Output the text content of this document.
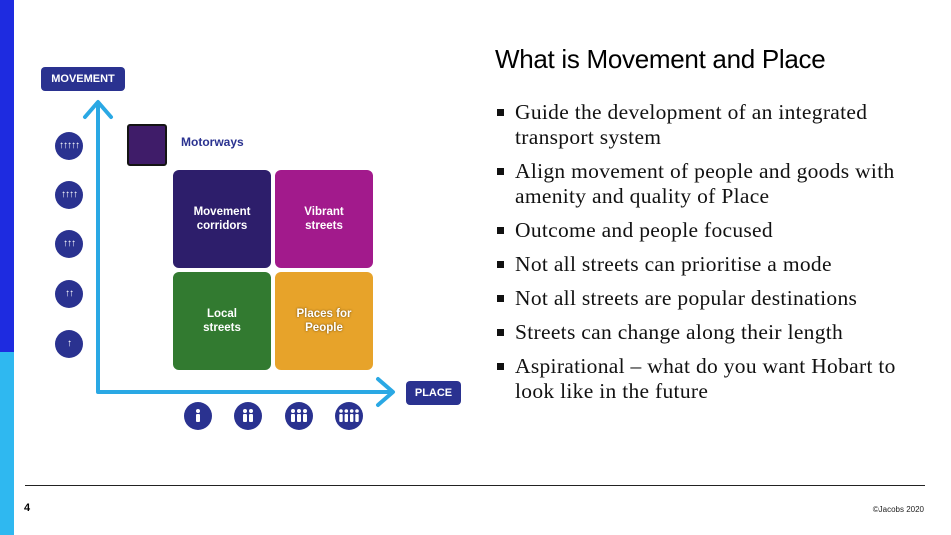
MOVEMENT
↑↑↑↑↑
↑↑↑↑
↑↑↑
↑↑
↑
Motorways
Movement corridors
Vibrant streets
Local streets
Places for People
PLACE
What is Movement and Place
Guide the development of an integrated transport system
Align movement of people and goods with amenity and quality of Place
Outcome and people focused
Not all streets can prioritise a mode
Not all streets are popular destinations
Streets can change along their length
Aspirational – what do you want Hobart to look like in the future
4	©Jacobs 2020
